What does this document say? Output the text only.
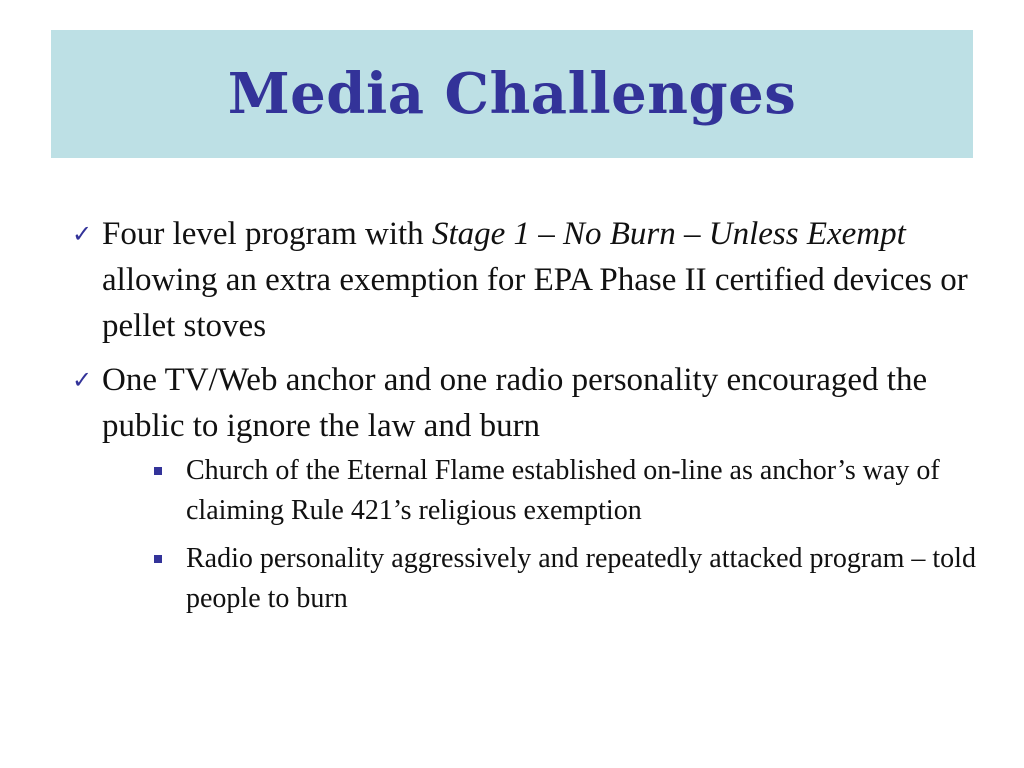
Media Challenges
✓ Four level program with Stage 1 – No Burn – Unless Exempt allowing an extra exemption for EPA Phase II certified devices or pellet stoves
✓ One TV/Web anchor and one radio personality encouraged the public to ignore the law and burn
Church of the Eternal Flame established on-line as anchor’s way of claiming Rule 421’s religious exemption
Radio personality aggressively and repeatedly attacked program – told people to burn
